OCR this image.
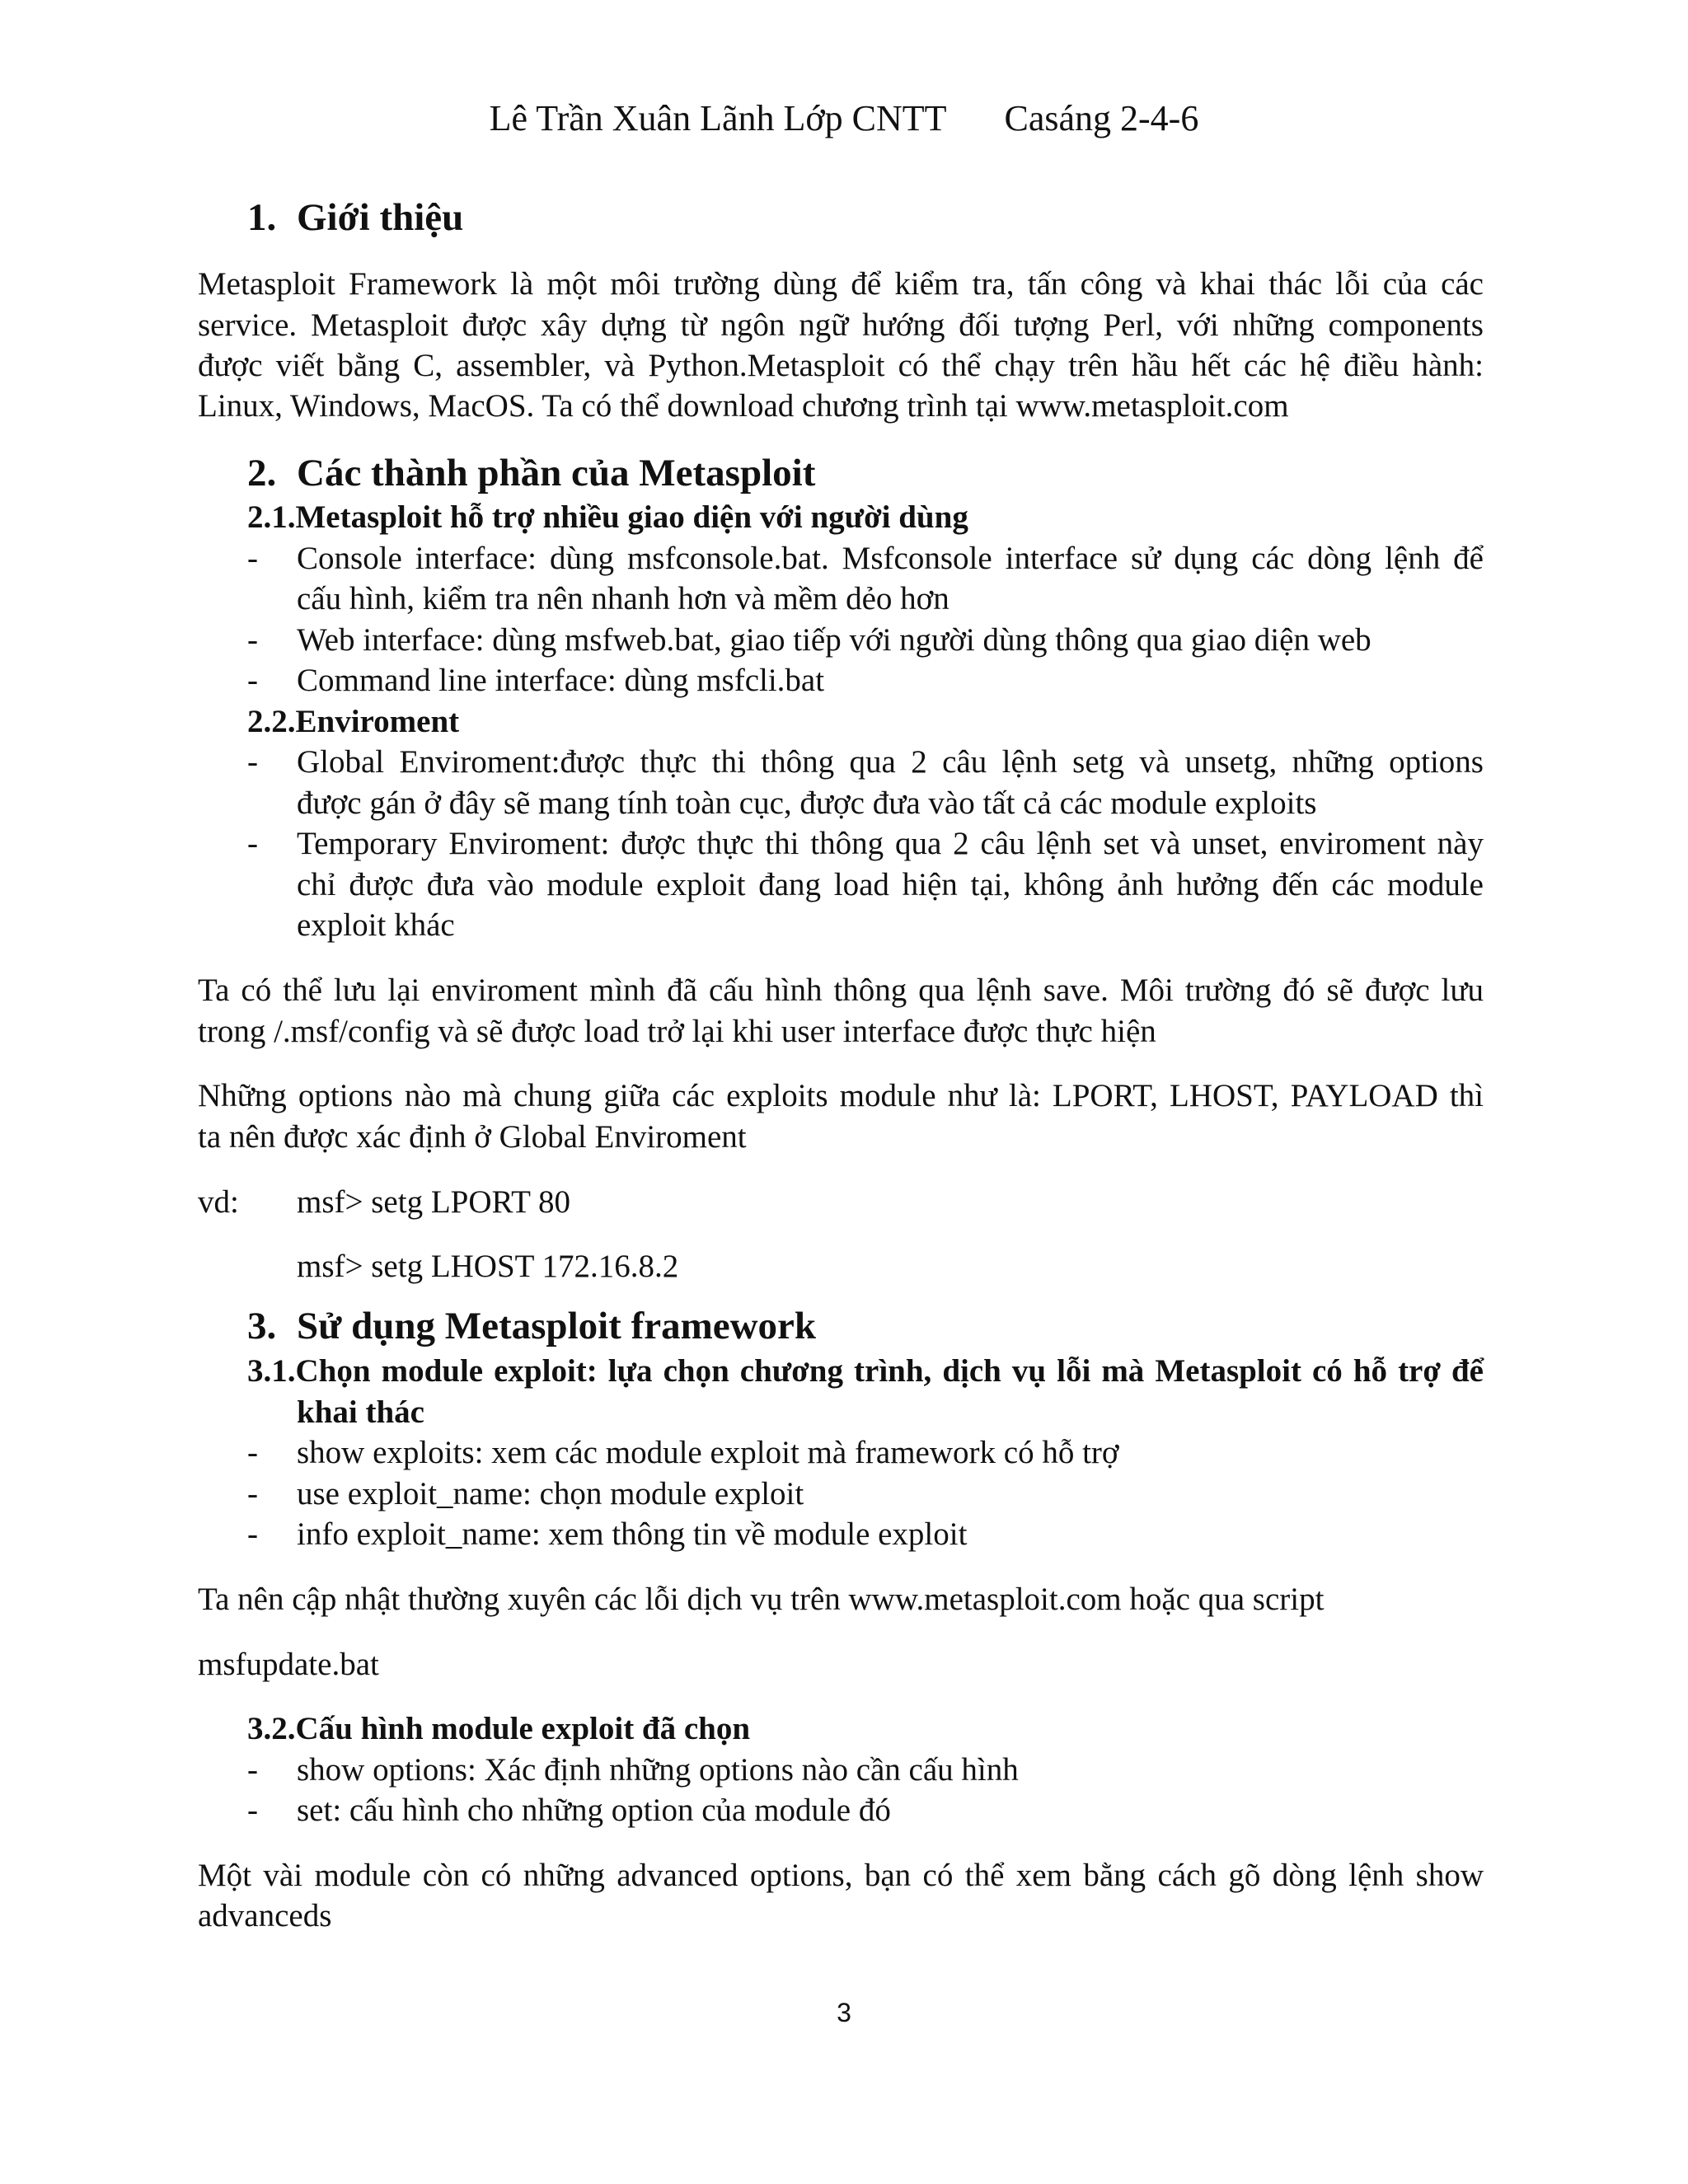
Lê Trần Xuân Lãnh Lớp CNTT Casáng 2-4-6
1. Giới thiệu
Metasploit Framework là một môi trường dùng để kiểm tra, tấn công và khai thác lỗi của các
service. Metasploit được xây dựng từ ngôn ngữ hướng đối tượng Perl, với những components
được viết bằng C, assembler, và Python.Metasploit có thể chạy trên hầu hết các hệ điều hành:
Linux, Windows, MacOS. Ta có thể download chương trình tại www.metasploit.com
2. Các thành phần của Metasploit
2.1.Metasploit hỗ trợ nhiều giao diện với người dùng
- Console interface: dùng msfconsole.bat. Msfconsole interface sử dụng các dòng lệnh để
cấu hình, kiểm tra nên nhanh hơn và mềm dẻo hơn
- Web interface: dùng msfweb.bat, giao tiếp với người dùng thông qua giao diện web
- Command line interface: dùng msfcli.bat
2.2.Enviroment
- Global Enviroment:được thực thi thông qua 2 câu lệnh setg và unsetg, những options
được gán ở đây sẽ mang tính toàn cục, được đưa vào tất cả các module exploits
- Temporary Enviroment: được thực thi thông qua 2 câu lệnh set và unset, enviroment này
chỉ được đưa vào module exploit đang load hiện tại, không ảnh hưởng đến các module
exploit khác
Ta có thể lưu lại enviroment mình đã cấu hình thông qua lệnh save. Môi trường đó sẽ được lưu
trong /.msf/config và sẽ được load trở lại khi user interface được thực hiện
Những options nào mà chung giữa các exploits module như là: LPORT, LHOST, PAYLOAD thì
ta nên được xác định ở Global Enviroment
vd: msf> setg LPORT 80
msf> setg LHOST 172.16.8.2
3. Sử dụng Metasploit framework
3.1.Chọn module exploit: lựa chọn chương trình, dịch vụ lỗi mà Metasploit có hỗ trợ để
khai thác
- show exploits: xem các module exploit mà framework có hỗ trợ
- use exploit_name: chọn module exploit
- info exploit_name: xem thông tin về module exploit
Ta nên cập nhật thường xuyên các lỗi dịch vụ trên www.metasploit.com hoặc qua script
msfupdate.bat
3.2.Cấu hình module exploit đã chọn
- show options: Xác định những options nào cần cấu hình
- set: cấu hình cho những option của module đó
Một vài module còn có những advanced options, bạn có thể xem bằng cách gõ dòng lệnh show
advanceds
3
